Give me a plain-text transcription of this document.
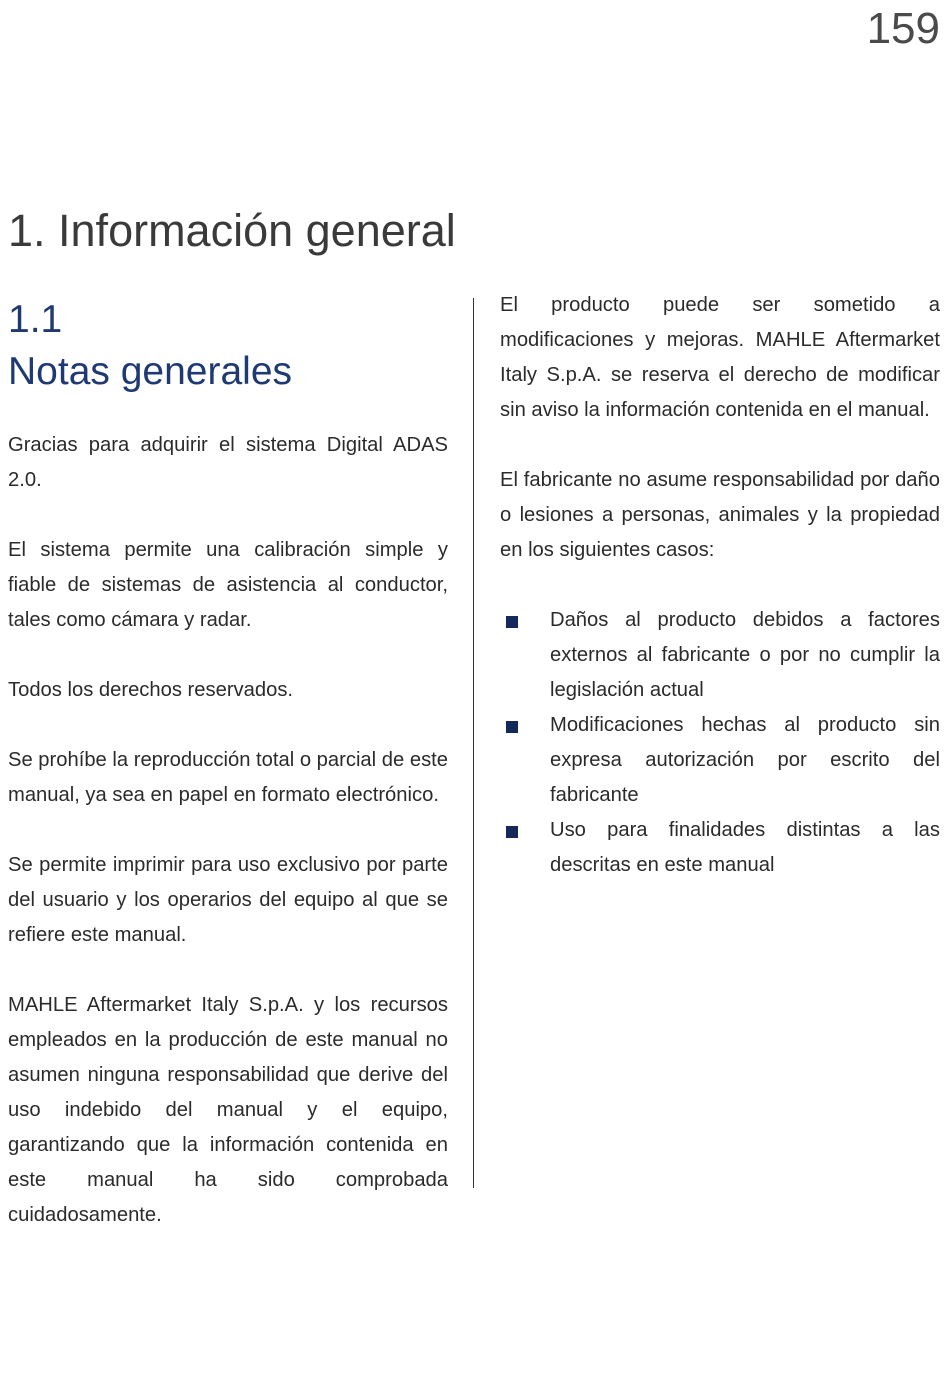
159
1. Información general
1.1
Notas generales

Gracias para adquirir el sistema Digital ADAS 2.0.

El sistema permite una calibración simple y fiable de sistemas de asistencia al conductor, tales como cámara y radar.

Todos los derechos reservados.

Se prohíbe la reproducción total o parcial de este manual, ya sea en papel en formato electrónico.

Se permite imprimir para uso exclusivo por parte del usuario y los operarios del equipo al que se refiere este manual.

MAHLE Aftermarket Italy S.p.A. y los recursos empleados en la producción de este manual no asumen ninguna responsabilidad que derive del uso indebido del manual y el equipo, garantizando que la información contenida en este manual ha sido comprobada cuidadosamente.

El producto puede ser sometido a modificaciones y mejoras. MAHLE Aftermarket Italy S.p.A. se reserva el derecho de modificar sin aviso la información contenida en el manual.

El fabricante no asume responsabilidad por daño o lesiones a personas, animales y la propiedad en los siguientes casos:

Daños al producto debidos a factores externos al fabricante o por no cumplir la legislación actual
Modificaciones hechas al producto sin expresa autorización por escrito del fabricante
Uso para finalidades distintas a las descritas en este manual
